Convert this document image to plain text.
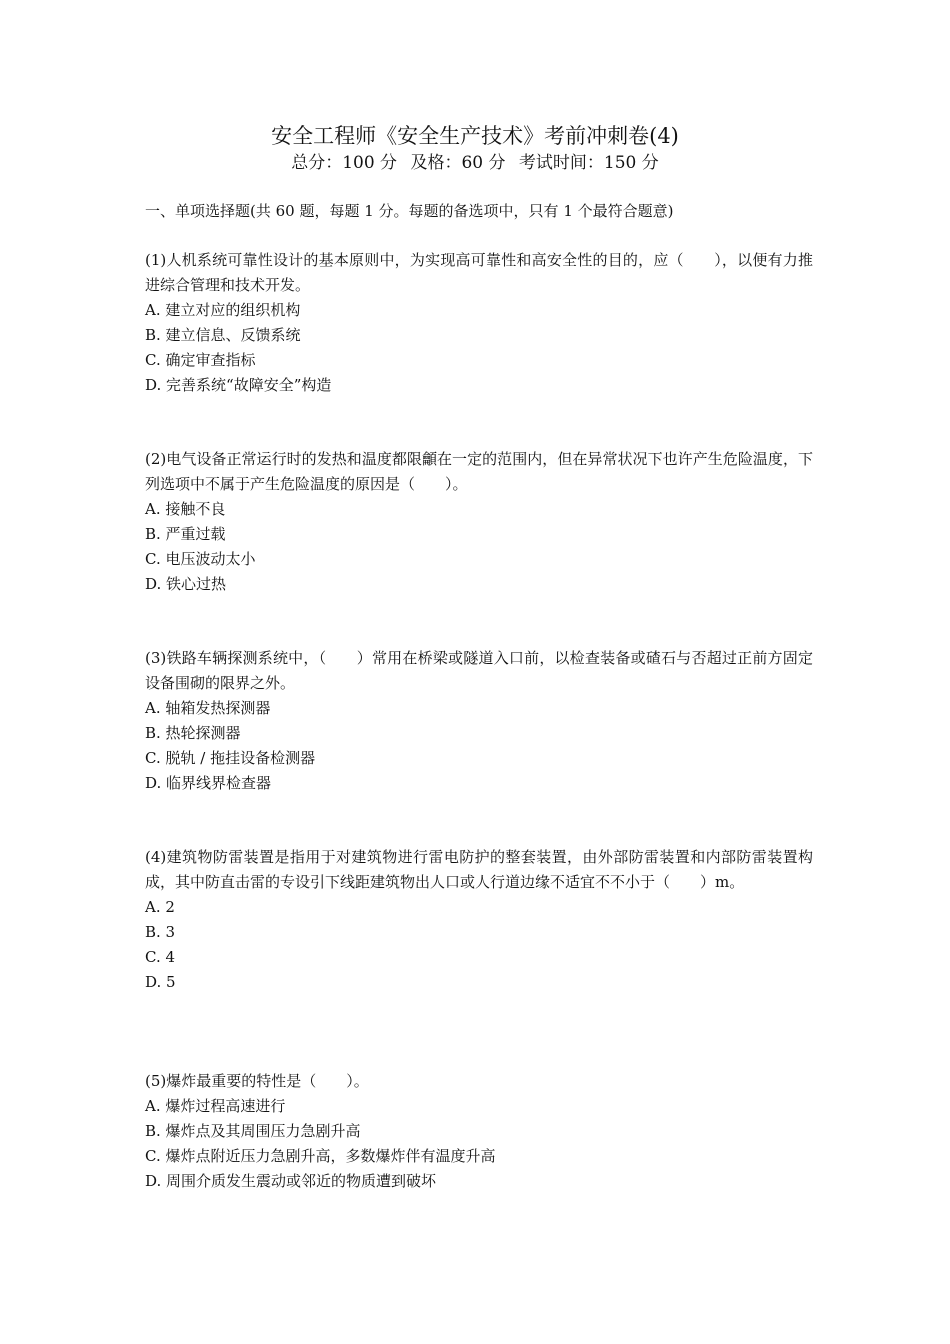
安全工程师《安全生产技术》考前冲刺卷(4)
总分：100 分 及格：60 分 考试时间：150 分
一、单项选择题(共 60 题，每题 1 分。每题的备选项中，只有 1 个最符合题意)

(1)人机系统可靠性设计的基本原则中，为实现高可靠性和高安全性的目的，应（　　），以便有力推进综合管理和技术开发。

A. 建立对应的组织机构

B. 建立信息、反馈系统

C. 确定审查指标

D. 完善系统“故障安全”构造

(2)电气设备正常运行时的发热和温度都限龥在一定的范围内，但在异常状况下也许产生危险温度，下列选项中不属于产生危险温度的原因是（　　）。

A. 接触不良

B. 严重过载

C. 电压波动太小

D. 铁心过热

(3)铁路车辆探测系统中，（　　）常用在桥梁或隧道入口前，以检查装备或碴石与否超过正前方固定设备围砌的限界之外。

A. 轴箱发热探测器

B. 热轮探测器

C. 脱轨 / 拖挂设备检测器

D. 临界线界检查器

(4)建筑物防雷装置是指用于对建筑物进行雷电防护的整套装置，由外部防雷装置和内部防雷装置构成，其中防直击雷的专设引下线距建筑物出人口或人行道边缘不适宜不不小于（　　）m。

A. 2

B. 3

C. 4

D. 5

(5)爆炸最重要的特性是（　　）。

A. 爆炸过程高速进行

B. 爆炸点及其周围压力急剧升高

C. 爆炸点附近压力急剧升高，多数爆炸伴有温度升高

D. 周围介质发生震动或邻近的物质遭到破坏
